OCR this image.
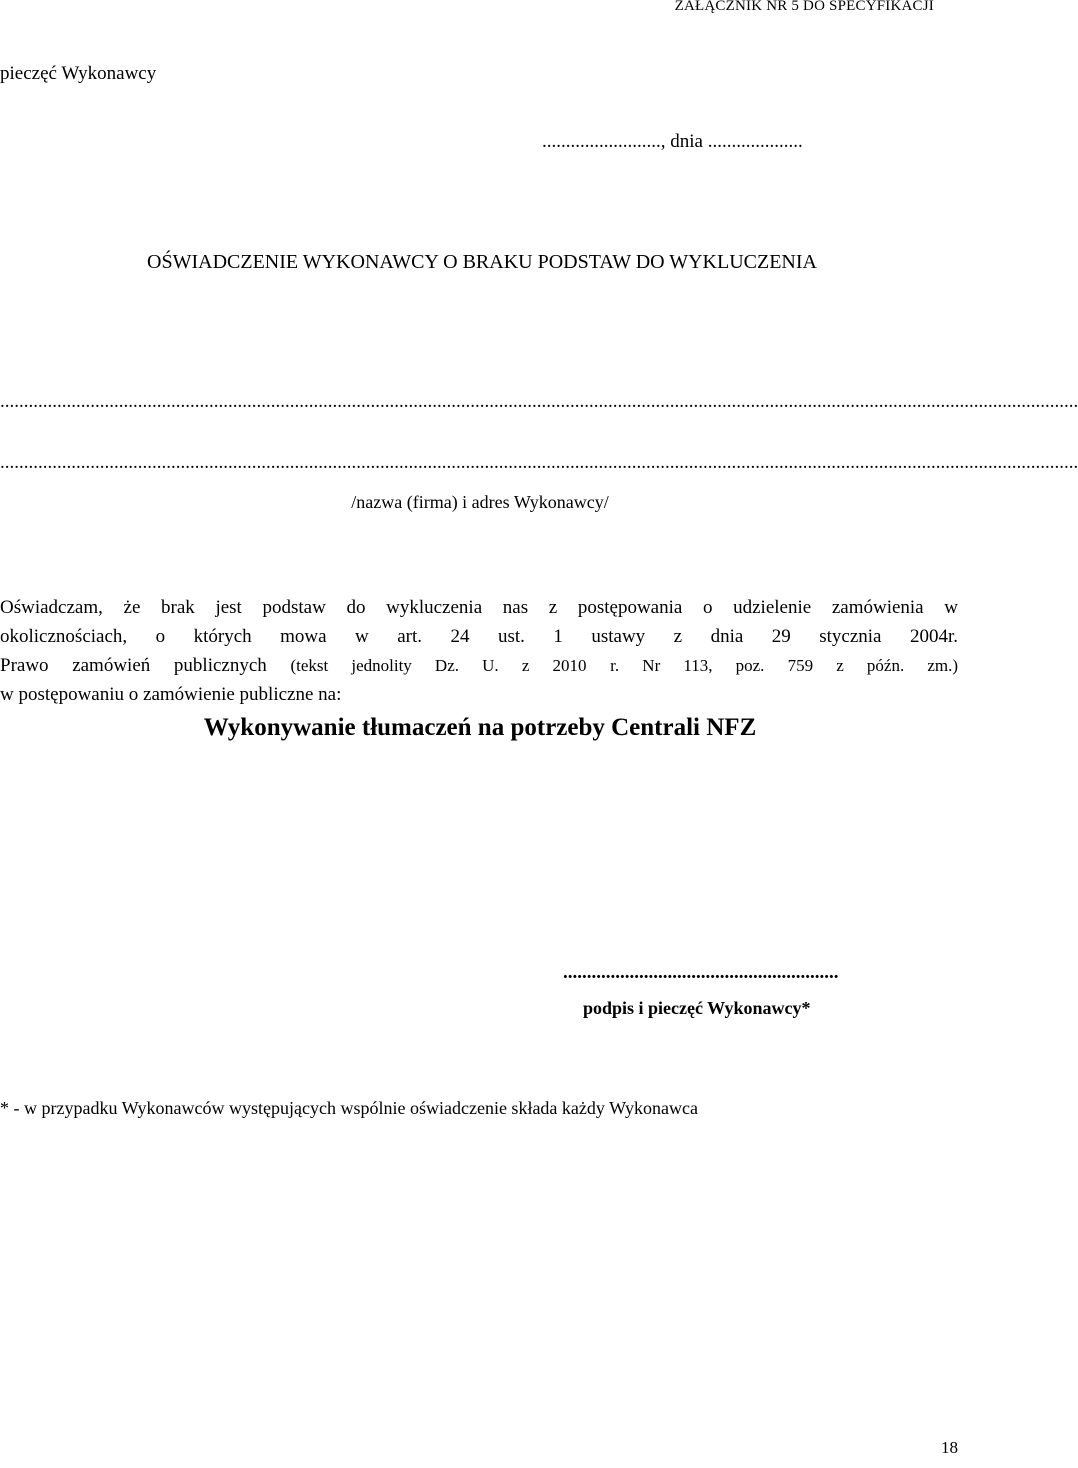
ZAŁĄCZNIK NR 5 DO SPECYFIKACJI
pieczęć Wykonawcy
........................., dnia ....................
OŚWIADCZENIE WYKONAWCY O BRAKU PODSTAW DO WYKLUCZENIA
...................................................................................................................................................................................................................................
...................................................................................................................................................................................................................................
/nazwa (firma) i adres Wykonawcy/
Oświadczam, że brak jest podstaw do wykluczenia nas z postępowania o udzielenie zamówienia w
okolicznościach, o których mowa w art. 24 ust. 1 ustawy z dnia 29 stycznia 2004r.
Prawo zamówień publicznych (tekst jednolity Dz. U. z 2010 r. Nr 113, poz. 759 z późn. zm.)
w postępowaniu o zamówienie publiczne na:
Wykonywanie tłumaczeń na potrzeby Centrali NFZ
..........................................................
podpis i pieczęć Wykonawcy*
* - w przypadku Wykonawców występujących wspólnie oświadczenie składa każdy Wykonawca
18
